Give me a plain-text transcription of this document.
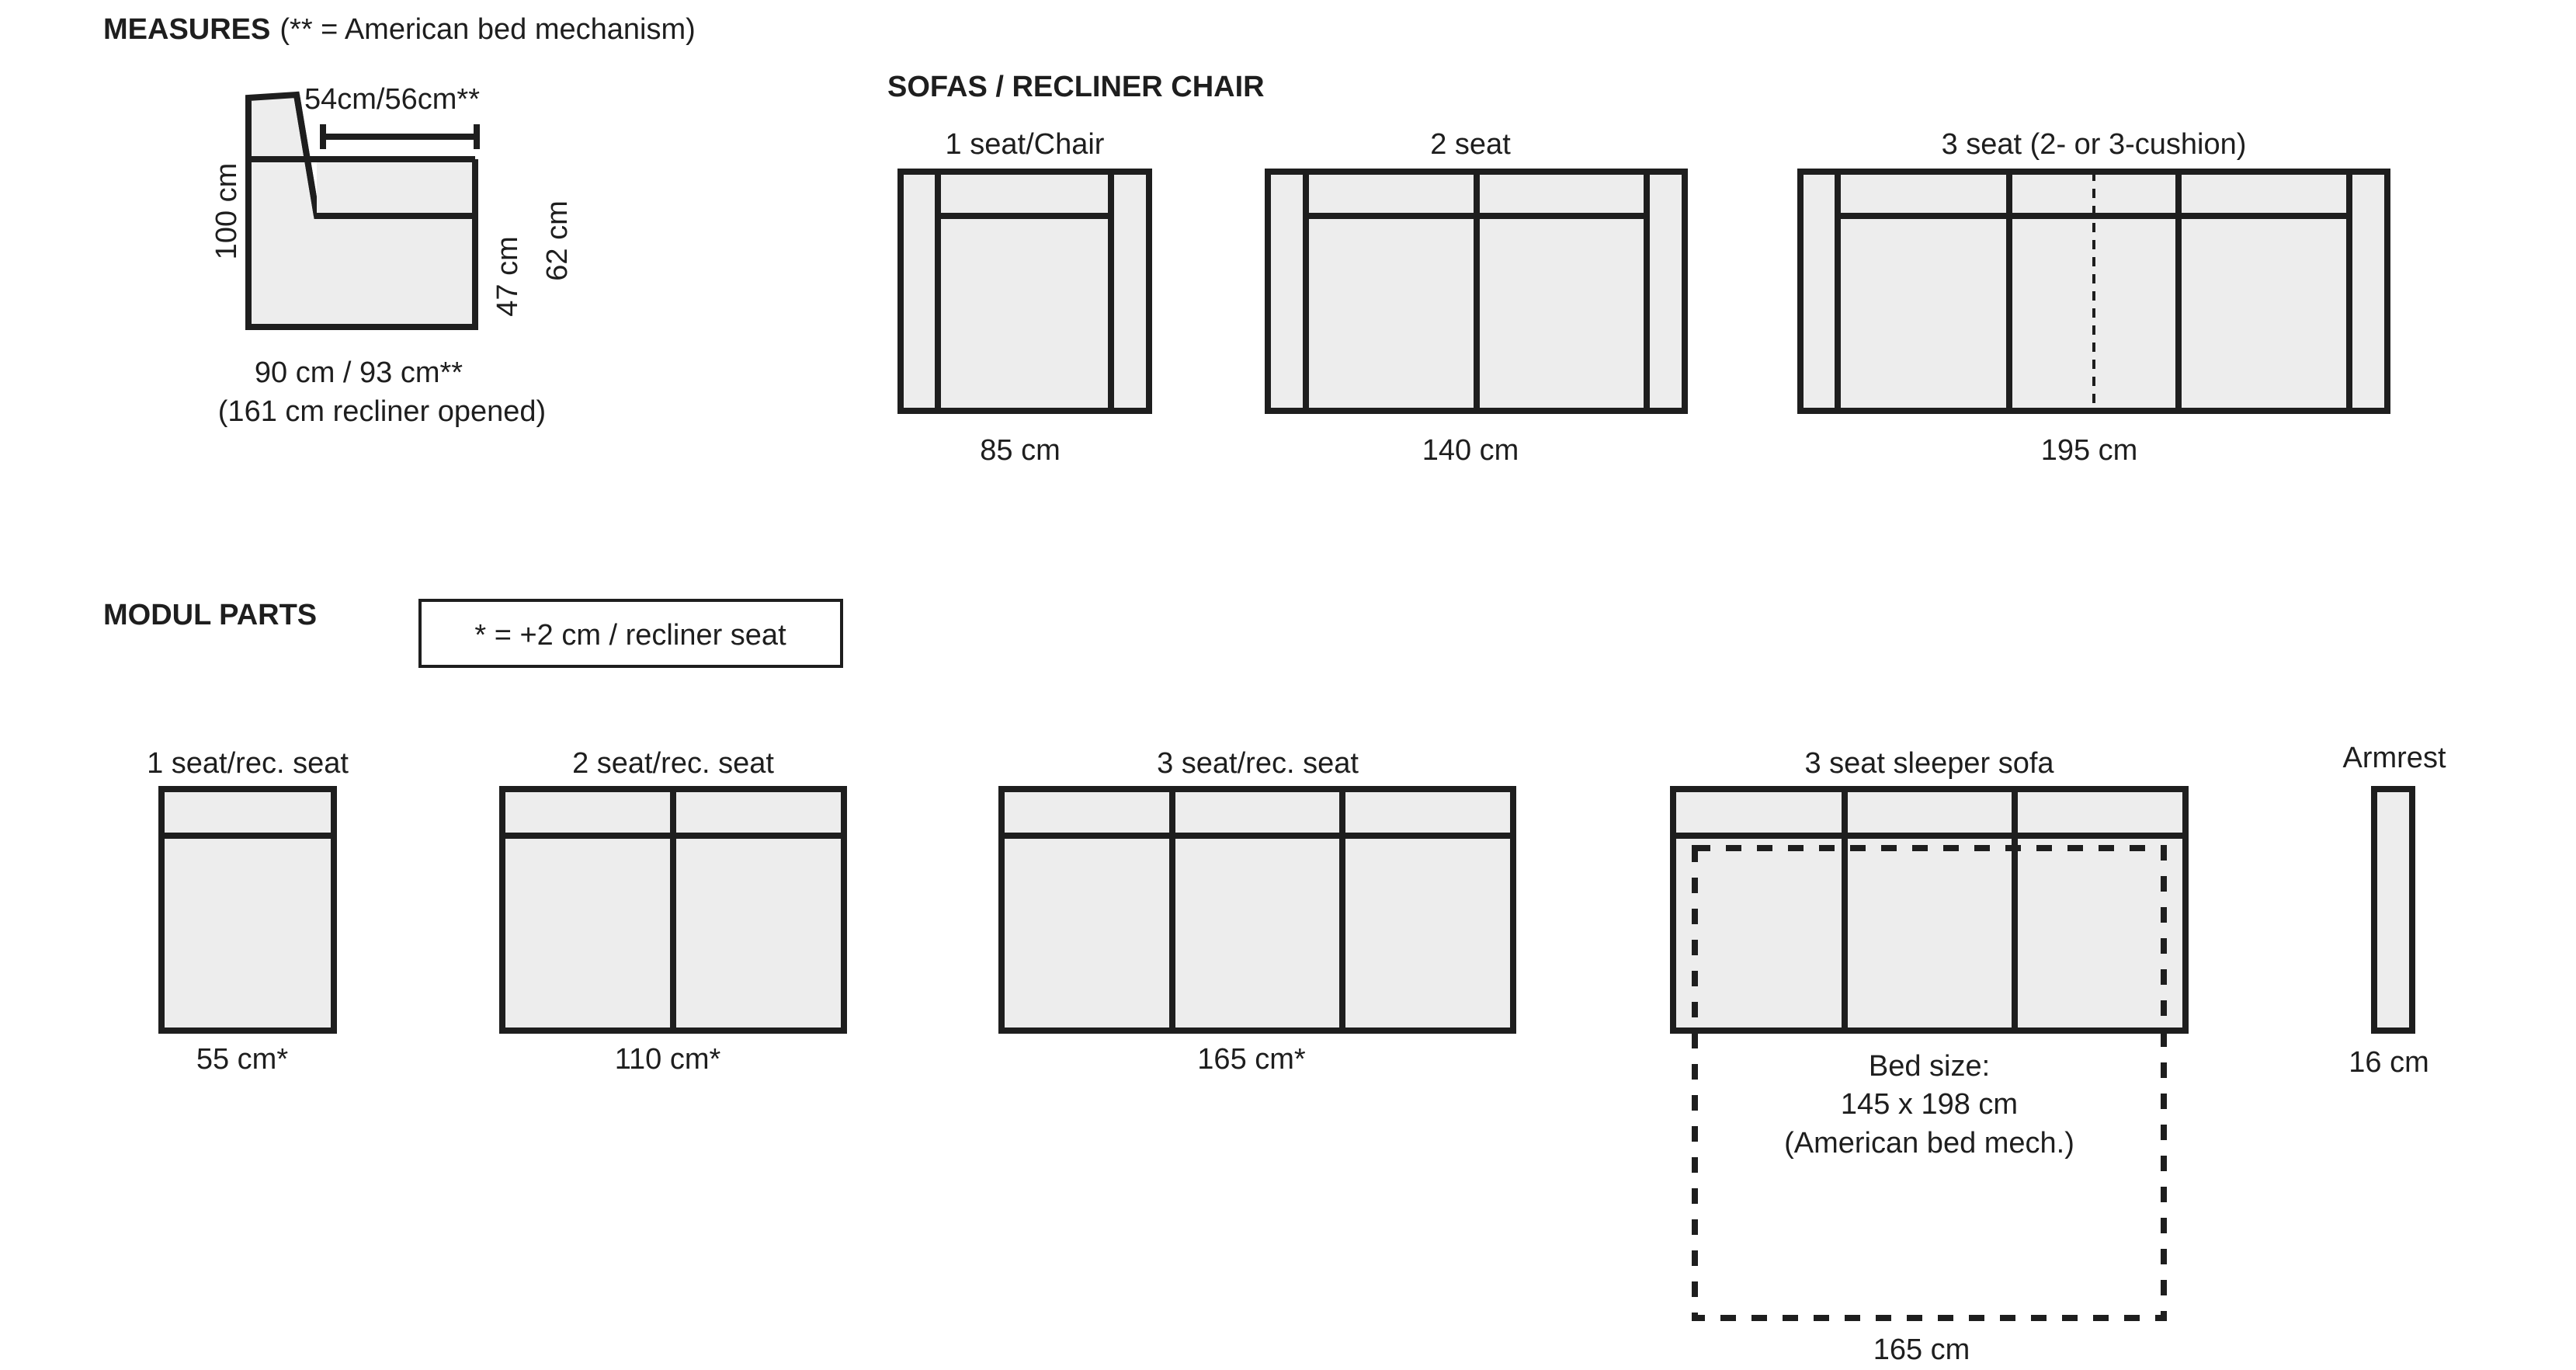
MEASURES (** = American bed mechanism)
54cm/56cm**
100 cm
47 cm 62 cm
90 cm / 93 cm**
(161 cm recliner opened)
SOFAS / RECLINER CHAIR
1 seat/Chair
85 cm
2 seat
140 cm
3 seat (2- or 3-cushion)
195 cm
MODUL PARTS
* = +2 cm / recliner seat
1 seat/rec. seat
55 cm*
2 seat/rec. seat
110 cm*
3 seat/rec. seat
165 cm*
3 seat sleeper sofa
Bed size:
145 x 198 cm
(American bed mech.)
165 cm
Armrest
16 cm
